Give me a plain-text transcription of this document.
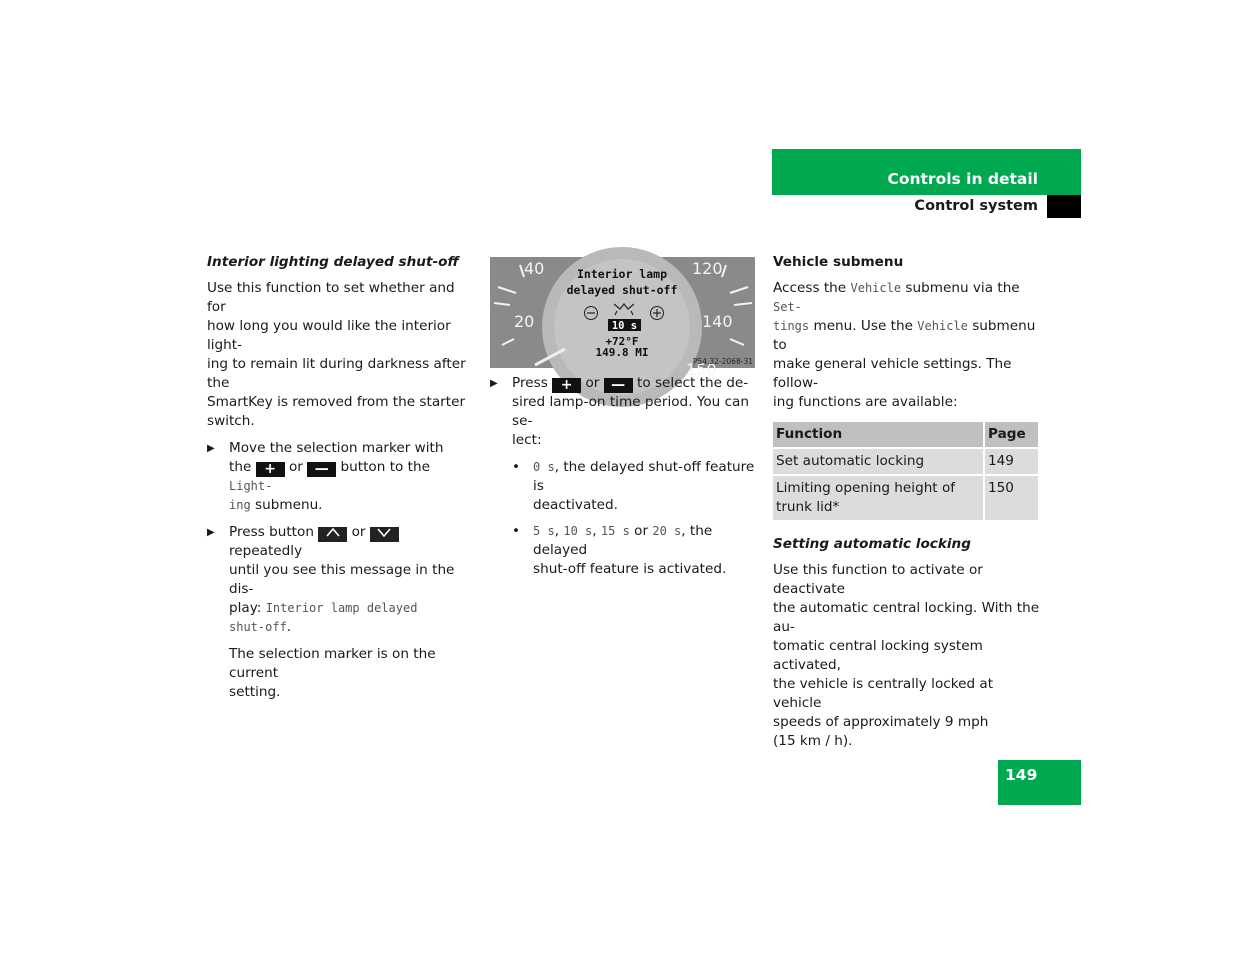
Controls in detail
Control system

Interior lighting delayed shut-off

Use this function to set whether and for
how long you would like the interior light-
ing to remain lit during darkness after the
SmartKey is removed from the starter
switch.
▶ Move the selection marker with
the + or — button to the Light-
ing submenu.
▶ Press button	or  repeatedly
until you see this message in the dis-
play: Interior lamp delayed
shut-off.
The selection marker is on the current
setting.
40
20
120
140
150
Interior lamp
delayed shut-off
10 s
+72°F
149.8 MI
P54.32-2068-31
▶ Press + or — to select the de-
sired lamp-on time period. You can se-
lect:
• 0 s, the delayed shut-off feature is
deactivated.
• 5 s, 10 s, 15 s or 20 s, the delayed
shut-off feature is activated.

Vehicle submenu

Access the Vehicle submenu via the Set-
tings menu. Use the Vehicle submenu to
make general vehicle settings. The follow-
ing functions are available:
Function	Page
Set automatic locking	149
Limiting opening height of trunk lid*	150

Setting automatic locking

Use this function to activate or deactivate
the automatic central locking. With the au-
tomatic central locking system activated,
the vehicle is centrally locked at vehicle
speeds of approximately 9 mph
(15 km / h).
149
